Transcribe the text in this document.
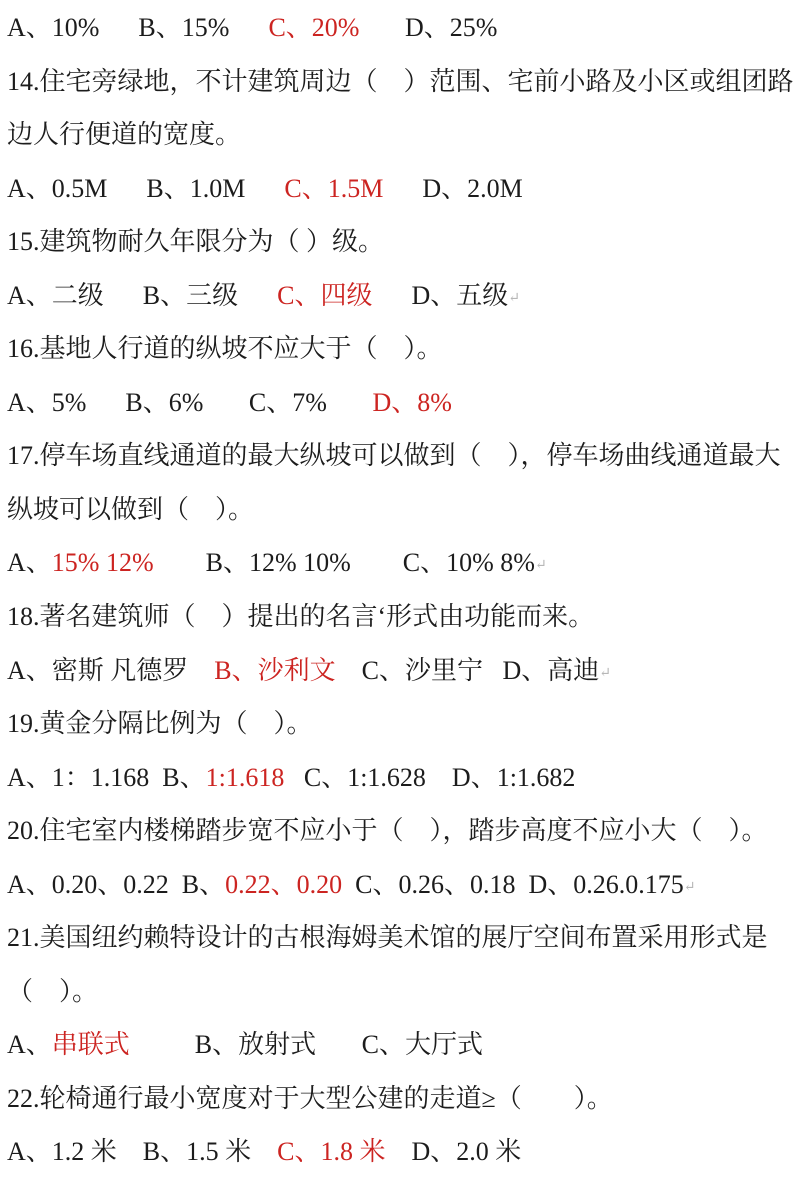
A、10%      B、15%      C、20%       D、25%
14.住宅旁绿地，不计建筑周边（　）范围、宅前小路及小区或组团路
边人行便道的宽度。
A、0.5M      B、1.0M      C、1.5M      D、2.0M
15.建筑物耐久年限分为（ ）级。
A、二级　  B、三级　  C、四级　  D、五级↵
16.基地人行道的纵坡不应大于（　）。
A、5%      B、6%       C、7%       D、8%
17.停车场直线通道的最大纵坡可以做到（　），停车场曲线通道最大
纵坡可以做到（　）。
A、15% 12%        B、12% 10%        C、10% 8%↵
18.著名建筑师（　）提出的名言‘形式由功能而来。
A、密斯 凡德罗    B、沙利文    C、沙里宁   D、高迪↵
19.黄金分隔比例为（　）。
A、1：1.168  B、1:1.618   C、1:1.628    D、1:1.682
20.住宅室内楼梯踏步宽不应小于（　），踏步高度不应小大（　）。
A、0.20、0.22  B、0.22、0.20  C、0.26、0.18  D、0.26.0.175↵
21.美国纽约赖特设计的古根海姆美术馆的展厅空间布置采用形式是
（　）。
A、串联式　　  B、放射式　   C、大厅式
22.轮椅通行最小宽度对于大型公建的走道≥（　　）。
A、1.2 米    B、1.5 米    C、1.8 米    D、2.0 米
